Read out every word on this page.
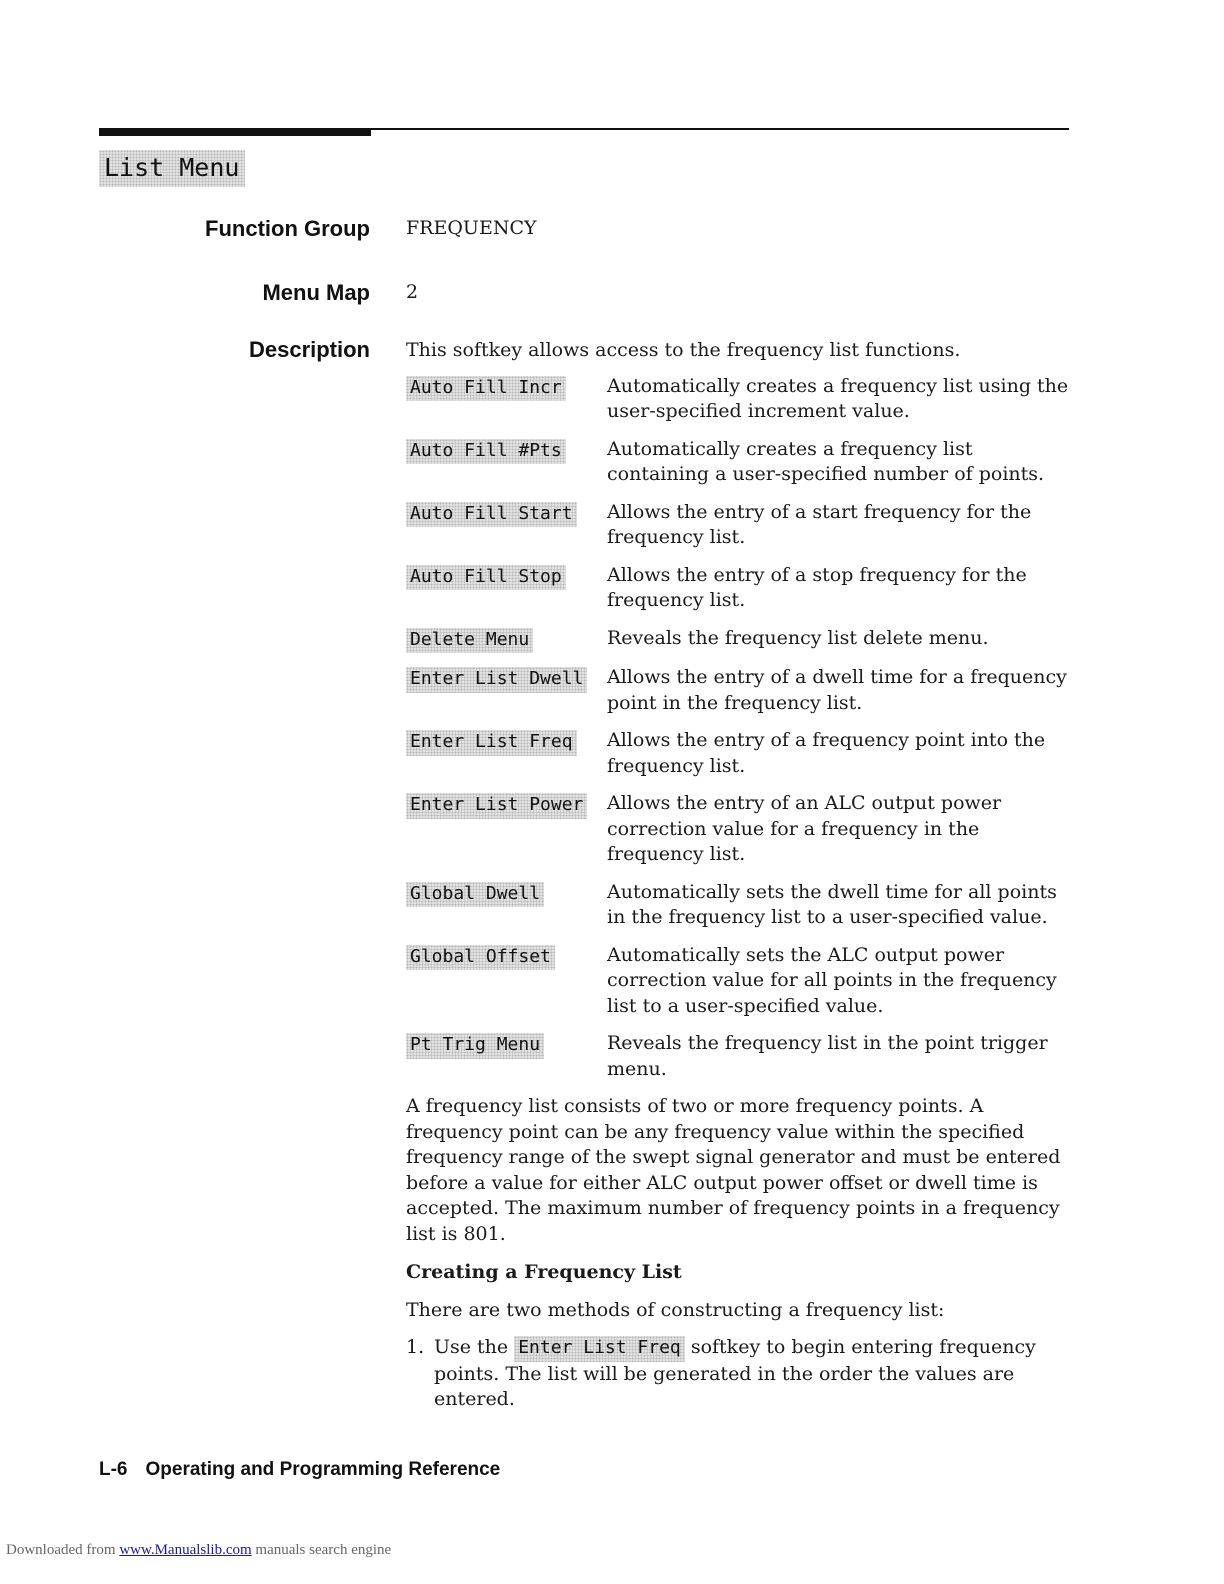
List Menu
Function Group FREQUENCY
Menu Map 2
Description This softkey allows access to the frequency list functions.

Auto Fill Incr	Automatically creates a frequency list using the user-specified increment value.

Auto Fill #Pts	Automatically creates a frequency list containing a user-specified number of points.

Auto Fill Start	Allows the entry of a start frequency for the frequency list.

Auto Fill Stop	Allows the entry of a stop frequency for the frequency list.

Delete Menu	Reveals the frequency list delete menu.

Enter List Dwell	Allows the entry of a dwell time for a frequency point in the frequency list.

Enter List Freq	Allows the entry of a frequency point into the frequency list.

Enter List Power	Allows the entry of an ALC output power correction value for a frequency in the frequency list.

Global Dwell	Automatically sets the dwell time for all points in the frequency list to a user-specified value.

Global Offset	Automatically sets the ALC output power correction value for all points in the frequency list to a user-specified value.

Pt Trig Menu	Reveals the frequency list in the point trigger menu.

A frequency list consists of two or more frequency points. A frequency point can be any frequency value within the specified frequency range of the swept signal generator and must be entered before a value for either ALC output power offset or dwell time is accepted. The maximum number of frequency points in a frequency list is 801.

Creating a Frequency List

There are two methods of constructing a frequency list:

1. Use the Enter List Freq softkey to begin entering frequency points. The list will be generated in the order the values are entered.
L-6 Operating and Programming Reference
Downloaded from www.Manualslib.com manuals search engine
